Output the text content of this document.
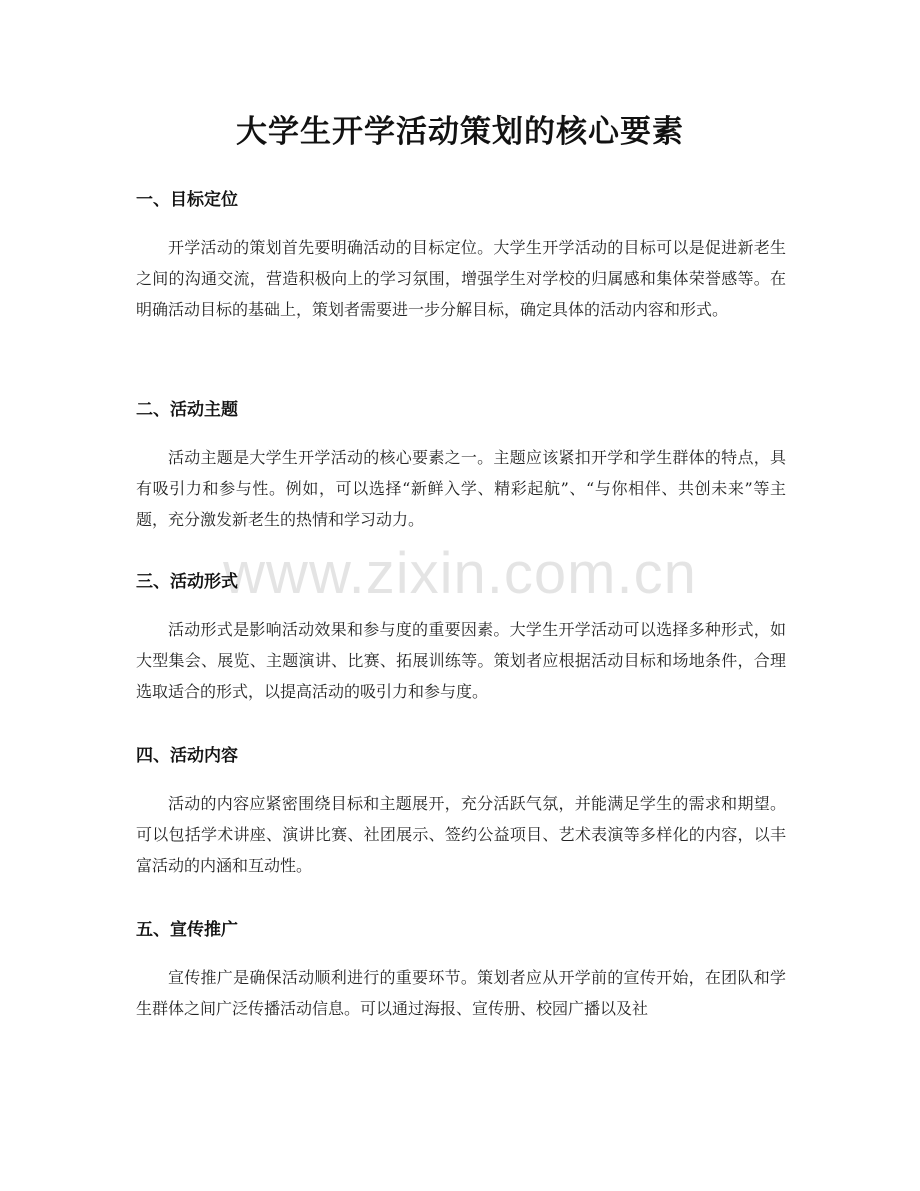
大学生开学活动策划的核心要素
一、目标定位

开学活动的策划首先要明确活动的目标定位。大学生开学活动的目标可以是促进新老生之间的沟通交流，营造积极向上的学习氛围，增强学生对学校的归属感和集体荣誉感等。在明确活动目标的基础上，策划者需要进一步分解目标，确定具体的活动内容和形式。

二、活动主题

活动主题是大学生开学活动的核心要素之一。主题应该紧扣开学和学生群体的特点，具有吸引力和参与性。例如，可以选择“新鲜入学、精彩起航”、“与你相伴、共创未来”等主题，充分激发新老生的热情和学习动力。

三、活动形式

活动形式是影响活动效果和参与度的重要因素。大学生开学活动可以选择多种形式，如大型集会、展览、主题演讲、比赛、拓展训练等。策划者应根据活动目标和场地条件，合理选取适合的形式，以提高活动的吸引力和参与度。

四、活动内容

活动的内容应紧密围绕目标和主题展开，充分活跃气氛，并能满足学生的需求和期望。可以包括学术讲座、演讲比赛、社团展示、签约公益项目、艺术表演等多样化的内容，以丰富活动的内涵和互动性。

五、宣传推广

宣传推广是确保活动顺利进行的重要环节。策划者应从开学前的宣传开始，在团队和学生群体之间广泛传播活动信息。可以通过海报、宣传册、校园广播以及社

www.zixin.com.cn
